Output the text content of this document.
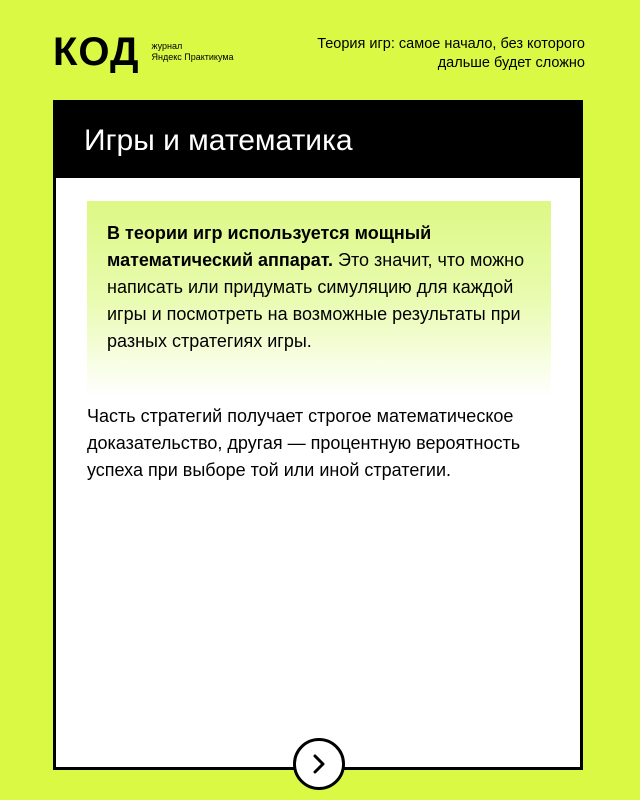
КОД журнал
Яндекс Практикума
Теория игр: самое начало, без которого
дальше будет сложно
Игры и математика
В теории игр используется мощный математический аппарат. Это значит, что можно написать или придумать симуляцию для каждой игры и посмотреть на возможные результаты при разных стратегиях игры.
Часть стратегий получает строгое математическое доказательство, другая — процентную вероятность успеха при выборе той или иной стратегии.
